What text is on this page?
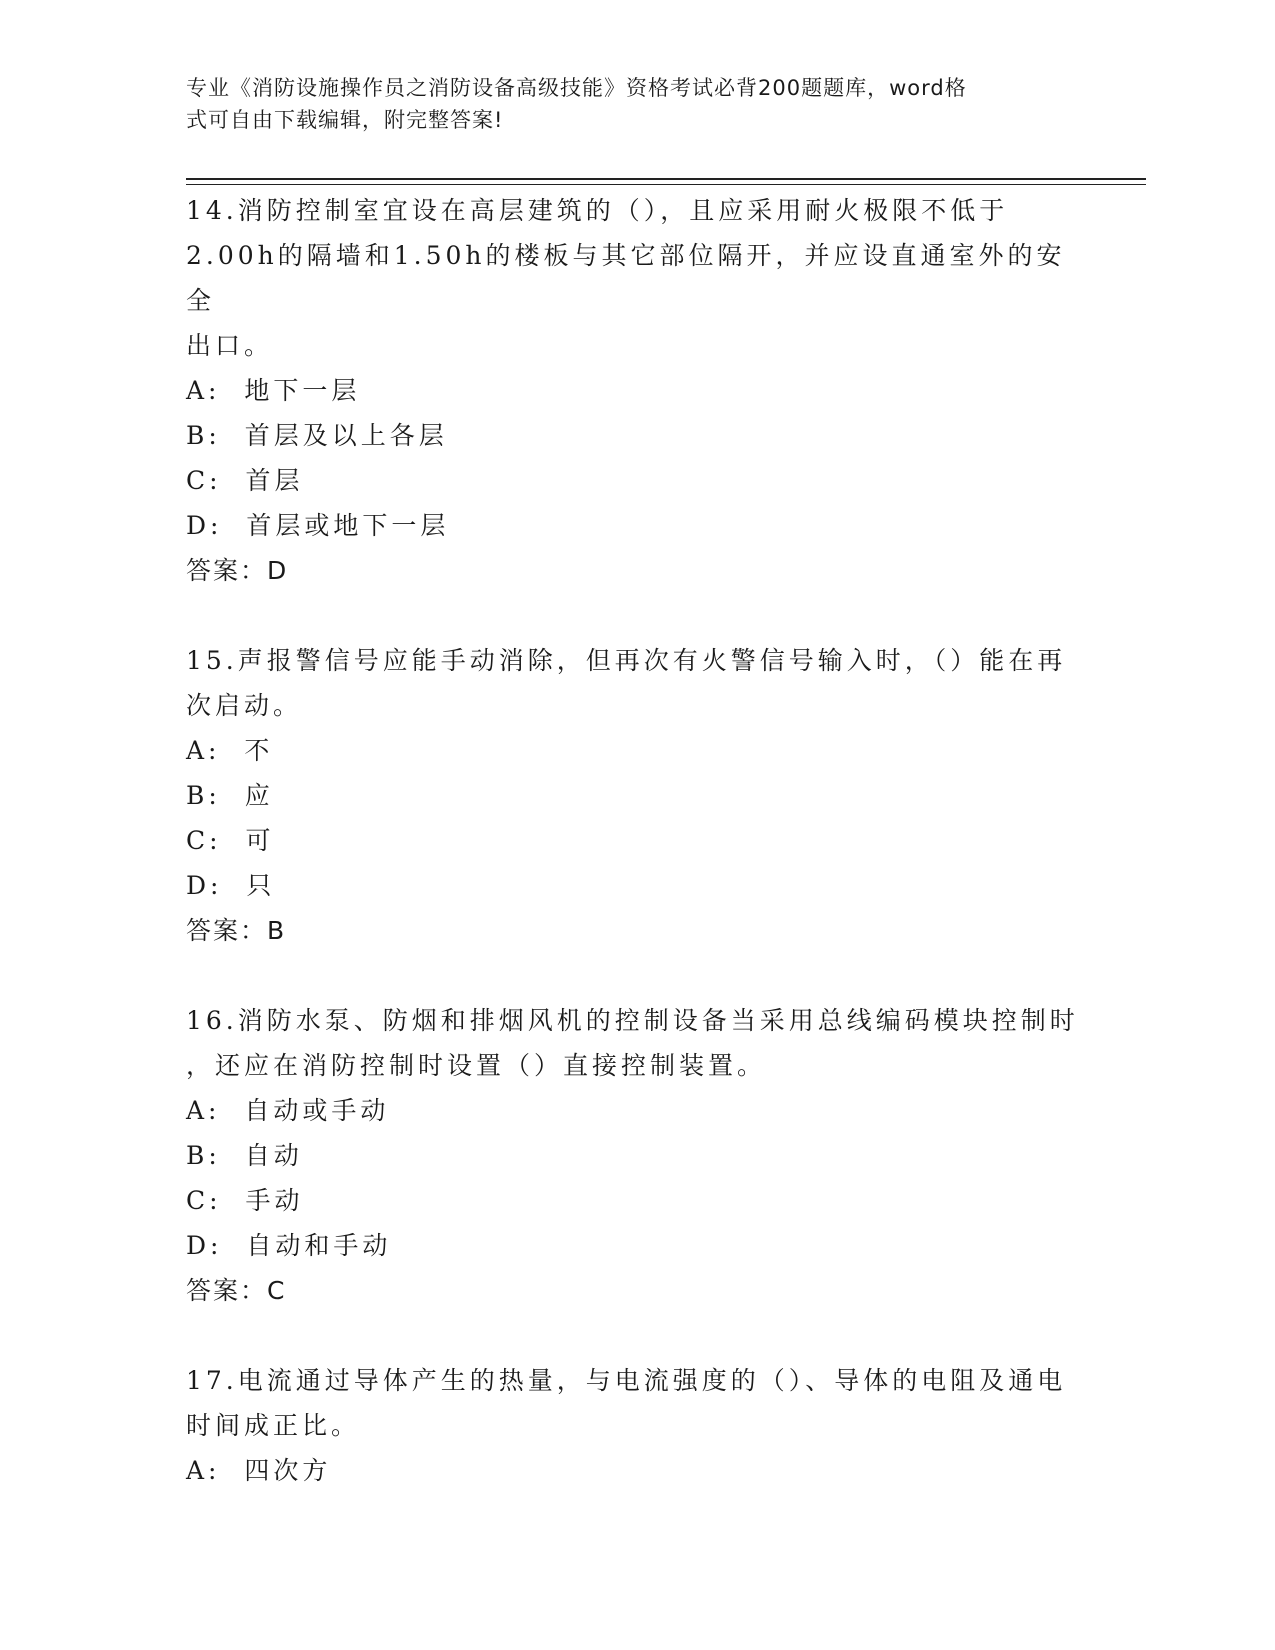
专业《消防设施操作员之消防设备高级技能》资格考试必背200题题库，word格
式可自由下载编辑，附完整答案!

14.消防控制室宜设在高层建筑的（），且应采用耐火极限不低于

2.00h的隔墙和1.50h的楼板与其它部位隔开，并应设直通室外的安全

出口。

A:  地下一层

B:  首层及以上各层

C:  首层

D:  首层或地下一层

答案：D

15.声报警信号应能手动消除，但再次有火警信号输入时，（）能在再

次启动。

A:  不

B:  应

C:  可

D:  只

答案：B

16.消防水泵、防烟和排烟风机的控制设备当采用总线编码模块控制时

，还应在消防控制时设置（）直接控制装置。

A:  自动或手动

B:  自动

C:  手动

D:  自动和手动

答案：C

17.电流通过导体产生的热量，与电流强度的（）、导体的电阻及通电

时间成正比。

A:  四次方
